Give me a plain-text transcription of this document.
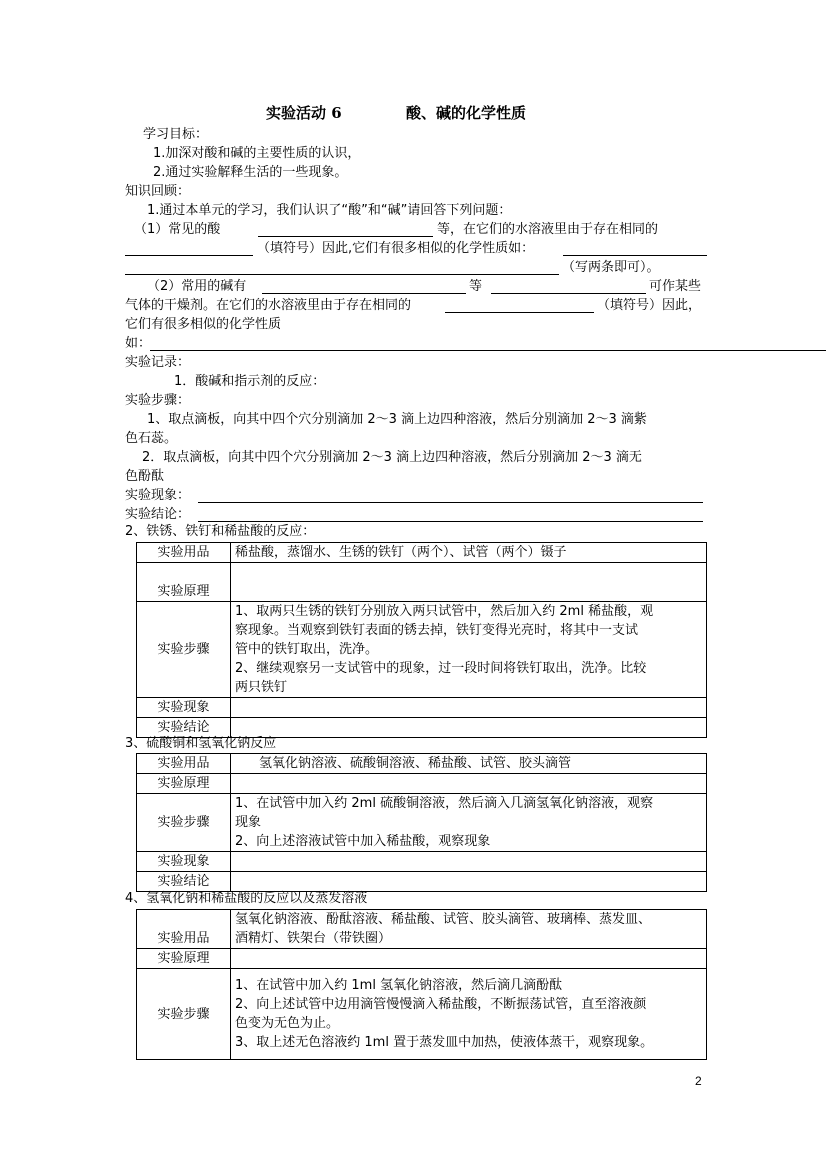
实验活动 6	酸、碱的化学性质
学习目标：
1.加深对酸和碱的主要性质的认识，
2.通过实验解释生活的一些现象。
知识回顾：
1.通过本单元的学习，我们认识了“酸”和“碱”请回答下列问题：
（1）常见的酸	等，在它们的水溶液里由于存在相同的
（填符号）因此,它们有很多相似的化学性质如：
（写两条即可）。
（2）常用的碱有	等	可作某些
气体的干燥剂。在它们的水溶液里由于存在相同的	（填符号）因此，
它们有很多相似的化学性质
如：
实验记录：
1．酸碱和指示剂的反应：
实验步骤：
1、取点滴板，向其中四个穴分别滴加 2～3 滴上边四种溶液，然后分别滴加 2～3 滴紫
色石蕊。
2．取点滴板，向其中四个穴分别滴加 2～3 滴上边四种溶液，然后分别滴加 2～3 滴无
色酚酞
实验现象：
实验结论：
2、铁锈、铁钉和稀盐酸的反应：
实验用品	稀盐酸，蒸馏水、生锈的铁钉（两个）、试管（两个）镊子
实验原理	
实验步骤	1、取两只生锈的铁钉分别放入两只试管中，然后加入约 2ml 稀盐酸，观
察现象。当观察到铁钉表面的锈去掉，铁钉变得光亮时，将其中一支试
管中的铁钉取出，洗净。
2、继续观察另一支试管中的现象，过一段时间将铁钉取出，洗净。比较
两只铁钉

实验现象	
实验结论	
3、硫酸铜和氢氧化钠反应
实验用品	氢氧化钠溶液、硫酸铜溶液、稀盐酸、试管、胶头滴管
实验原理	
实验步骤	1、在试管中加入约 2ml 硫酸铜溶液，然后滴入几滴氢氧化钠溶液，观察
现象
2、向上述溶液试管中加入稀盐酸，观察现象

实验现象	
实验结论	
4、氢氧化钠和稀盐酸的反应以及蒸发溶液
实验用品	氢氧化钠溶液、酚酞溶液、稀盐酸、试管、胶头滴管、玻璃棒、蒸发皿、
酒精灯、铁架台（带铁圈）

实验原理	
实验步骤	1、在试管中加入约 1ml 氢氧化钠溶液，然后滴几滴酚酞
2、向上述试管中边用滴管慢慢滴入稀盐酸，不断振荡试管，直至溶液颜
色变为无色为止。
3、取上述无色溶液约 1ml 置于蒸发皿中加热，使液体蒸干，观察现象。
2
